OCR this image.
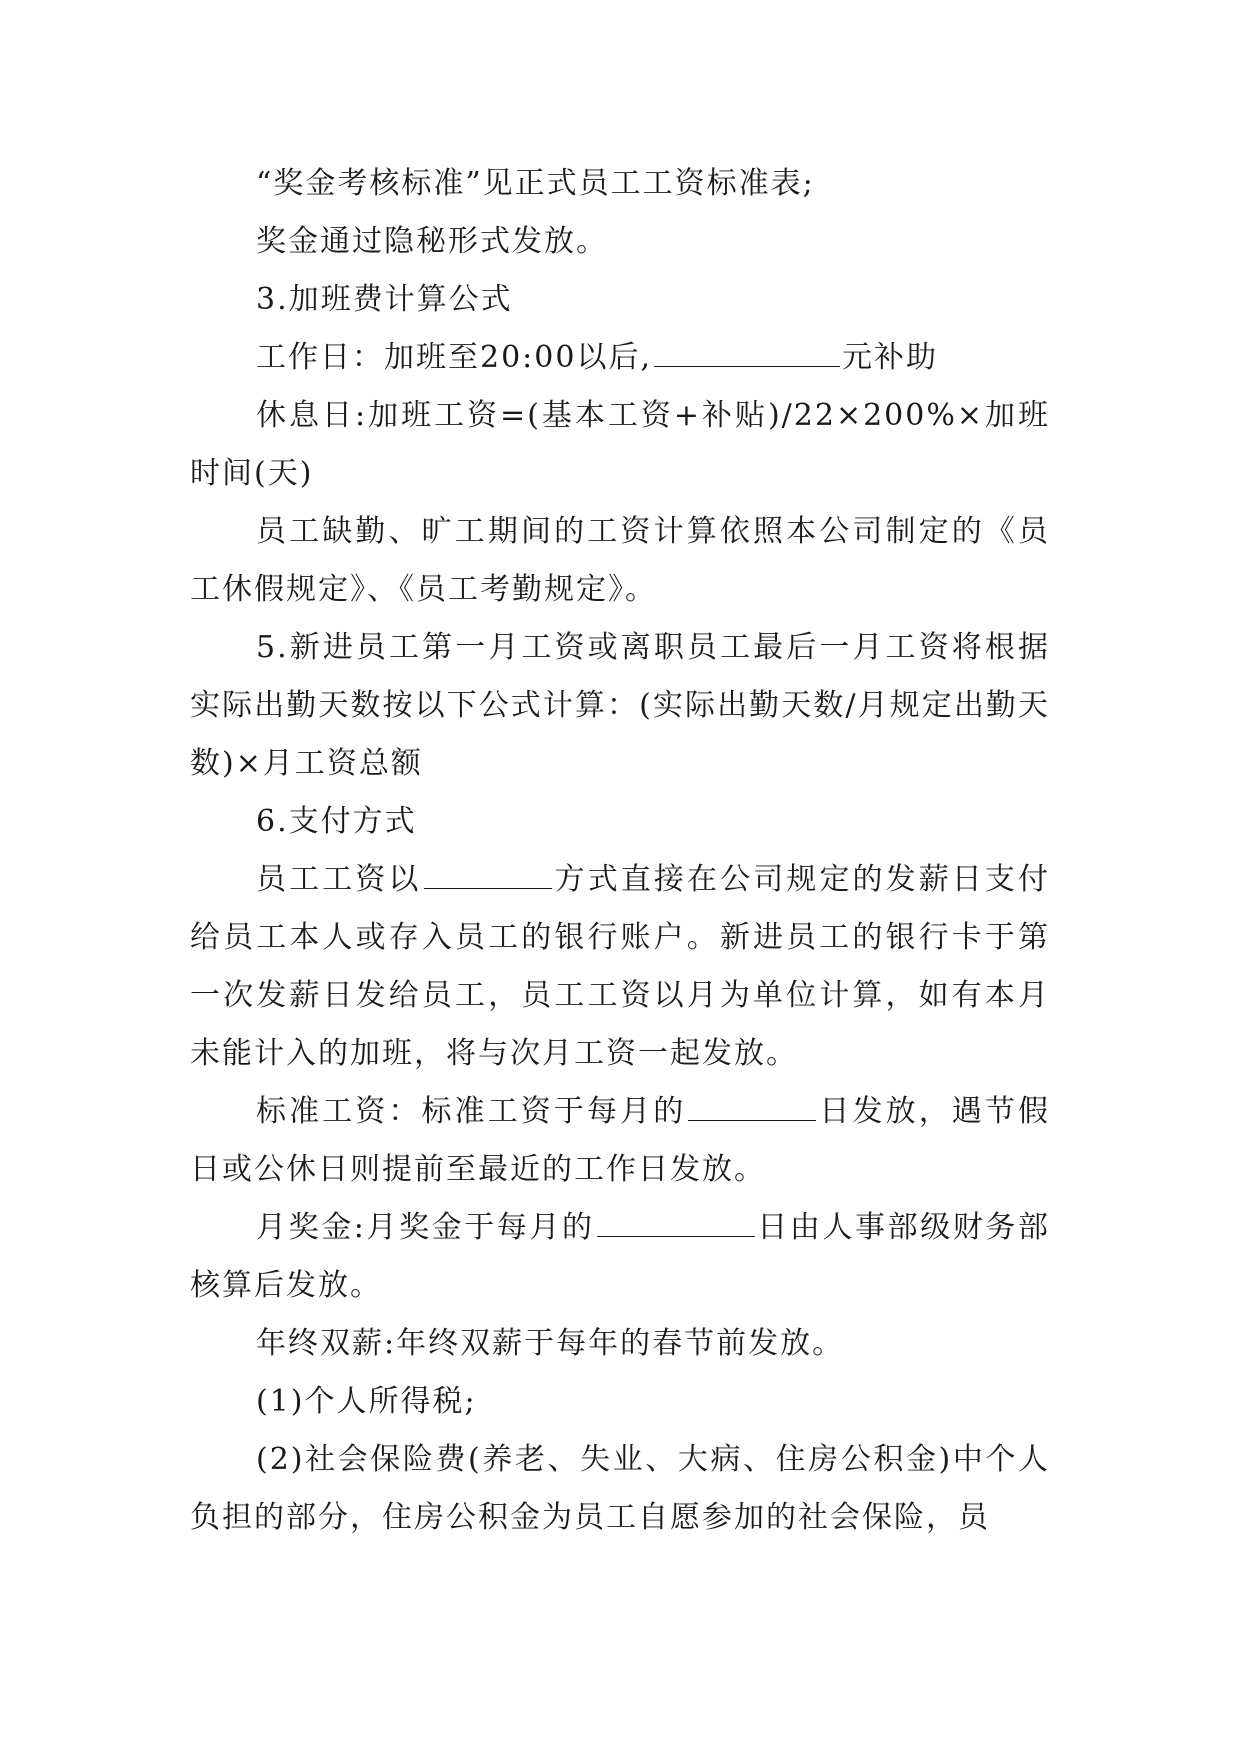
“奖金考核标准”见正式员工工资标准表;

奖金通过隐秘形式发放。

3.加班费计算公式

工作日：加班至20:00以后,	元补助

休息日:加班工资=(基本工资+补贴)/22×200%×加班时间(天)

员工缺勤、旷工期间的工资计算依照本公司制定的《员工休假规定》、《员工考勤规定》。

5.新进员工第一月工资或离职员工最后一月工资将根据实际出勤天数按以下公式计算：(实际出勤天数/月规定出勤天数)×月工资总额

6.支付方式

员工工资以	方式直接在公司规定的发薪日支付给员工本人或存入员工的银行账户。新进员工的银行卡于第一次发薪日发给员工，员工工资以月为单位计算，如有本月未能计入的加班，将与次月工资一起发放。

标准工资：标准工资于每月的	日发放，遇节假日或公休日则提前至最近的工作日发放。

月奖金:月奖金于每月的	日由人事部级财务部核算后发放。

年终双薪:年终双薪于每年的春节前发放。

(1)个人所得税;

(2)社会保险费(养老、失业、大病、住房公积金)中个人负担的部分，住房公积金为员工自愿参加的社会保险，员
